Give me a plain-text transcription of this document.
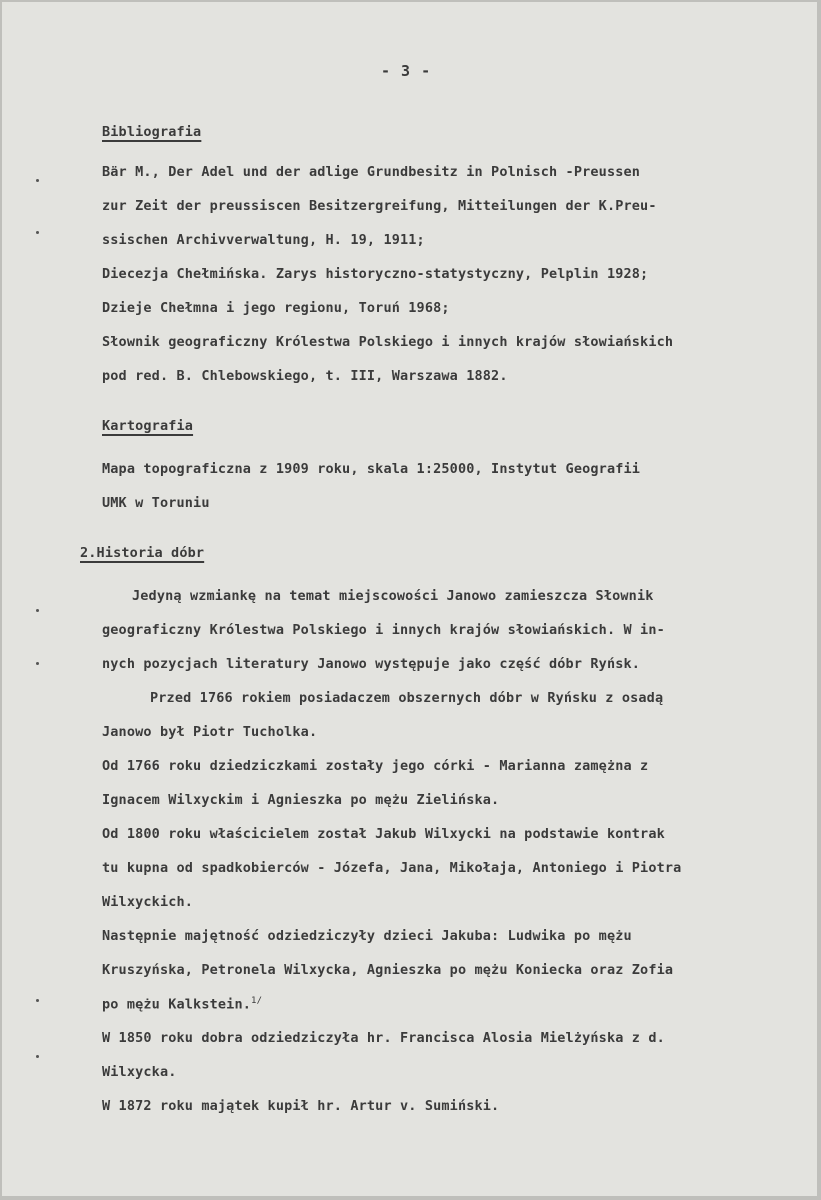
- 3 -
Bibliografia
Bär M., Der Adel und der adlige Grundbesitz in Polnisch -Preussen
zur Zeit der preussiscen Besitzergreifung, Mitteilungen der K.Preu-
ssischen Archivverwaltung, H. 19, 1911;
Diecezja Chełmińska. Zarys historyczno-statystyczny, Pelplin 1928;
Dzieje Chełmna i jego regionu, Toruń 1968;
Słownik geograficzny Królestwa Polskiego i innych krajów słowiańskich
pod red. B. Chlebowskiego, t. III, Warszawa 1882.
Kartografia
Mapa topograficzna z 1909 roku, skala 1:25000, Instytut Geografii
UMK w Toruniu
2.Historia dóbr
Jedyną wzmiankę na temat miejscowości Janowo zamieszcza Słownik
geograficzny Królestwa Polskiego i innych krajów słowiańskich. W in-
nych pozycjach literatury Janowo występuje jako część dóbr Ryńsk.
Przed 1766 rokiem posiadaczem obszernych dóbr w Ryńsku z osadą
Janowo był Piotr Tucholka.
Od 1766 roku dziedziczkami zostały jego córki - Marianna zamężna z
Ignacem Wilxyckim i Agnieszka po mężu Zielińska.
Od 1800 roku właścicielem został Jakub Wilxycki na podstawie kontrak
tu kupna od spadkobierców - Józefa, Jana, Mikołaja, Antoniego i Piotra
Wilxyckich.
Następnie majętność odziedziczyły dzieci Jakuba: Ludwika po mężu
Kruszyńska, Petronela Wilxycka, Agnieszka po mężu Koniecka oraz Zofia
po mężu Kalkstein.$^{1/}$
W 1850 roku dobra odziedziczyła hr. Francisca Alosia Mielżyńska z d.
Wilxycka.
W 1872 roku majątek kupił hr. Artur v. Sumiński.
